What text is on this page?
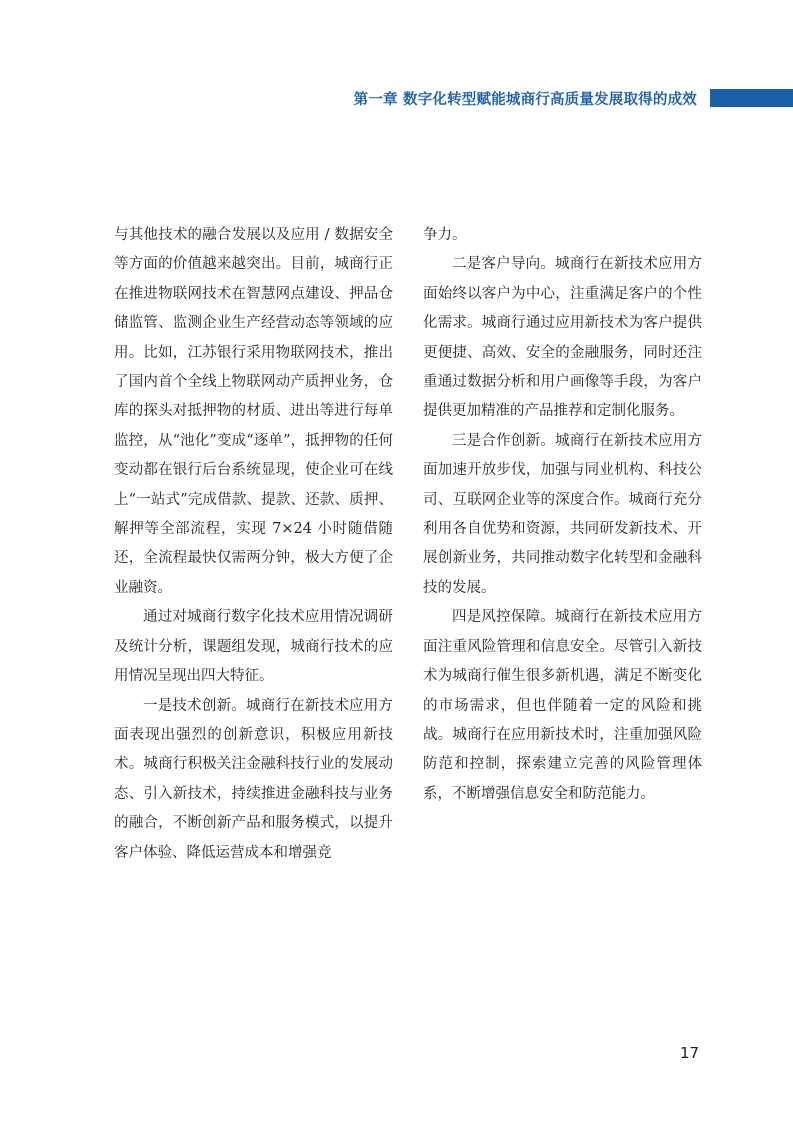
第一章 数字化转型赋能城商行高质量发展取得的成效

与其他技术的融合发展以及应用 / 数据安全等方面的价值越来越突出。目前，城商行正在推进物联网技术在智慧网点建设、押品仓储监管、监测企业生产经营动态等领域的应用。比如，江苏银行采用物联网技术，推出了国内首个全线上物联网动产质押业务，仓库的探头对抵押物的材质、进出等进行每单监控，从“池化”变成“逐单”，抵押物的任何变动都在银行后台系统显现，使企业可在线上“一站式”完成借款、提款、还款、质押、解押等全部流程，实现 7×24 小时随借随还，全流程最快仅需两分钟，极大方便了企业融资。

通过对城商行数字化技术应用情况调研及统计分析，课题组发现，城商行技术的应用情况呈现出四大特征。

一是技术创新。城商行在新技术应用方面表现出强烈的创新意识，积极应用新技术。城商行积极关注金融科技行业的发展动态、引入新技术，持续推进金融科技与业务的融合，不断创新产品和服务模式，以提升客户体验、降低运营成本和增强竞

争力。

二是客户导向。城商行在新技术应用方面始终以客户为中心，注重满足客户的个性化需求。城商行通过应用新技术为客户提供更便捷、高效、安全的金融服务，同时还注重通过数据分析和用户画像等手段，为客户提供更加精准的产品推荐和定制化服务。

三是合作创新。城商行在新技术应用方面加速开放步伐，加强与同业机构、科技公司、互联网企业等的深度合作。城商行充分利用各自优势和资源，共同研发新技术、开展创新业务，共同推动数字化转型和金融科技的发展。

四是风控保障。城商行在新技术应用方面注重风险管理和信息安全。尽管引入新技术为城商行催生很多新机遇，满足不断变化的市场需求，但也伴随着一定的风险和挑战。城商行在应用新技术时，注重加强风险防范和控制，探索建立完善的风险管理体系，不断增强信息安全和防范能力。

17
